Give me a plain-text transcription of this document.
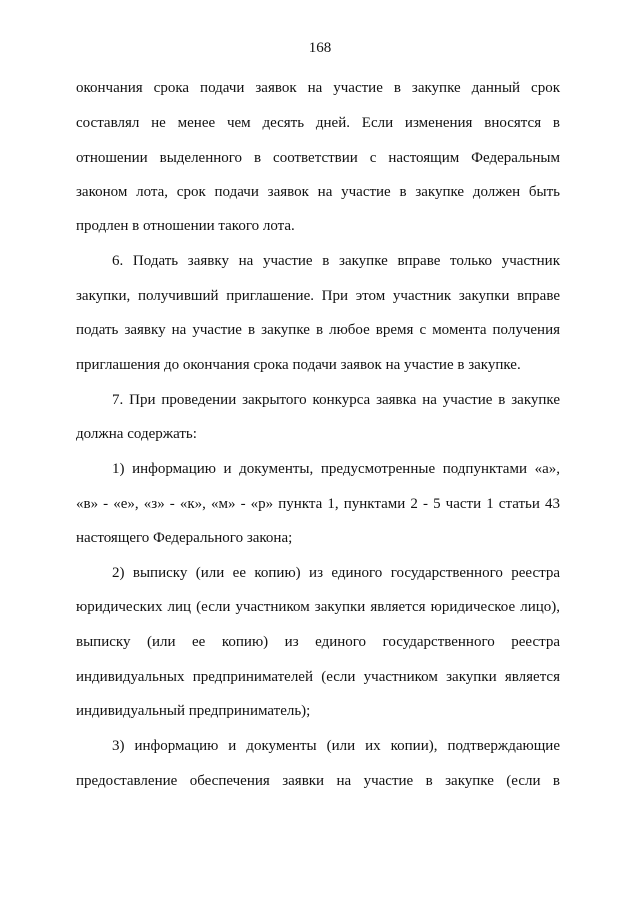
168
окончания срока подачи заявок на участие в закупке данный срок
составлял не менее чем десять дней. Если изменения вносятся в
отношении выделенного в соответствии с настоящим Федеральным
законом лота, срок подачи заявок на участие в закупке должен быть
продлен в отношении такого лота.
6. Подать заявку на участие в закупке вправе только участник
закупки, получивший приглашение. При этом участник закупки вправе
подать заявку на участие в закупке в любое время с момента получения
приглашения до окончания срока подачи заявок на участие в закупке.
7. При проведении закрытого конкурса заявка на участие в закупке
должна содержать:
1) информацию и документы, предусмотренные подпунктами «а»,
«в» - «е», «з» - «к», «м» - «р» пункта 1, пунктами 2 - 5 части 1 статьи 43
настоящего Федерального закона;
2) выписку (или ее копию) из единого государственного реестра
юридических лиц (если участником закупки является юридическое лицо),
выписку (или ее копию) из единого государственного реестра
индивидуальных предпринимателей (если участником закупки является
индивидуальный предприниматель);
3) информацию и документы (или их копии), подтверждающие
предоставление обеспечения заявки на участие в закупке (если в
